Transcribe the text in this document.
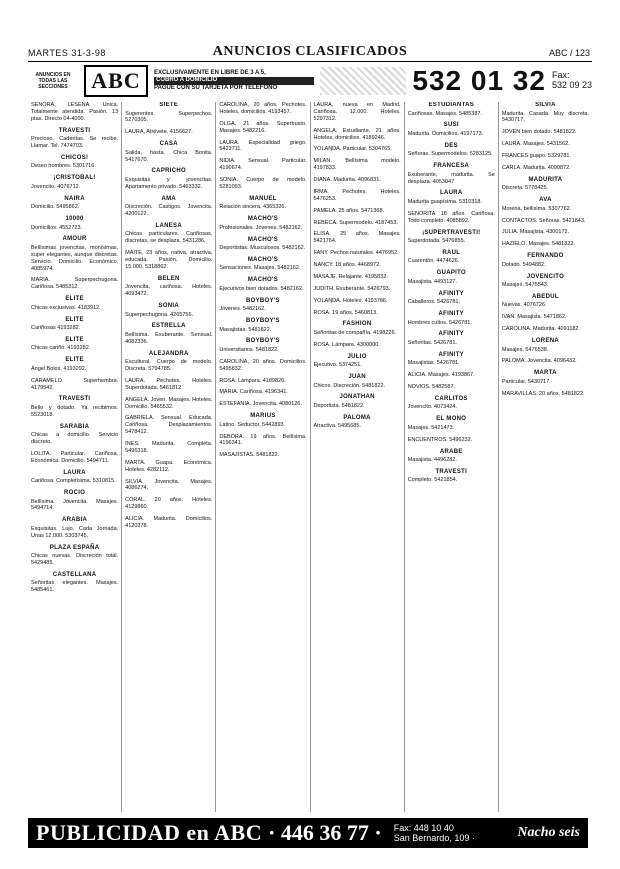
MARTES 31-3-98	ANUNCIOS CLASIFICADOS	ABC / 123
ANUNCIOS EN TODAS LAS SECCIONES	ABC	EXCLUSIVAMENTE EN LIBRE DE 3 A 5,
COBRO A DOMICILIO
PAGUE CON SU TARJETA POR TELEFONO	532 01 32 Fax:
532 09 23
SENORA, LESENA. Unica. Totalmente atendida. Pasión. 13 ptas. Directo 04-4000.
TRAVESTI
Precioso. Caderitas. Se recibe. Llamar. Tel. 7474703.
CHICOS!
Deseo hombres. 5301716.
¡CRISTOBAL!
Jovencito. 4076712.
NAIRA
Domicilio. 5495862.
10000
Domicilios. 4552723.
AMOUR
Bellísimas jovencitas, monísimas, super elegantes, aunque discretas. Servicio. Domicilio. Económico. 4085974.
MARIA. Superpechugona. Cariñosa. 5485312.
ELITE
Chicas exclusivas. 4183912.
ELITE
Cariñosas 4193282.
ELITE
Chicas cariño. 4193282.
ELITE
Ángel Bolos. 4193292.
CARAMELO. Superhembra. 4179542.
TRAVESTI
Bello y dotado. Ya recibimos. 5523018.
SARABIA
Chicas a domicilio. Servicio discreto.
LOLITA. Particular. Cariñosa. Económica. Domicilio. 5494711.
LAURA
Cariñosa. Completísima. 5310815.
ROCIO
Bellísima. Jovencita. Masajes. 5494714.
ARABIA
Exquisitas. Lujo. Cada Jornada. Unas 12.000. 5303745.
PLAZA ESPAÑA
Chicas nuevas. Discreción total. 5429485.
CASTELLANA
Señoritas elegantes. Masajes. 5485461.
SIETE
Sugerentes. Superpechos. 5270305.
LAURA, Atrévete. 4156627.
CASA
Salida, hasta. Chica Bonita. 5417670.
CAPRICHO
Exquisitas y jovencitas. Apartamento privado. 5463332.
AMA
Discreción. Castigos. Jovencita. 4200122.
LANESA
Chicas particulares. Cariñosas, discretas, se desplaza. 5431286.
MAITE, 23 años, nativa, atractiva, educada. Pasión. Domicilio. 15.000. 5318862.
BELEN
Jovencita, cariñosa. Hoteles. 4093472.
SONIA
Superpechugona. 4265756.
ESTRELLA
Bellísima. Exuberante. Sensual. 4082336.
ALEJANDRA
Escultural. Cuerpo de modelo. Discreta. 5794785.
LAURA. Pechotes. Hoteles. Superdotada. 5461812.
ANGELA. Joven. Masajes. Hoteles. Domicilio. 5465532.
GABRIELA. Sensual. Educada. Cariñosa. Desplazamientos. 5478412.
INES. Madurita. Completa. 5496318.
MARTA. Guapa. Económica. Hoteles. 4282112.
SILVIA. Jovencita. Masajes. 4086274.
CORAL. 20 años. Hoteles. 4129860.
ALICIA. Madurita. Domicilios. 4120378.
CAROLINA, 20 años. Pechotes. Hoteles, domicilios. 4193457.
OLGA, 21 años. Superbusto. Masajes. 5482216.
LAURA. Especialidad griego. 5423711.
NIDIA. Sensual. Particular. 4190674.
SONIA. Cuerpo de modelo. 5281093.
MANUEL
Relación sincera. 4365326.
MACHO'S
Profesionales. Jóvenes. 5482162.
MACHO'S
Deportistas. Musculosos. 5482162.
MACHO'S
Sensaciones. Masajes. 5482162.
MACHO'S
Ejecutivos bien dotados. 5482162.
BOYBOY'S
Jóvenes. 5482162.
BOYBOY'S
Masajistas. 5481822.
BOYBOY'S
Universitarios. 5481822.
CAROLINA, 20 años. Domicilios. 5495832.
ROSA. Lámpara. 4189826.
MARIA. Cariñosa. 4196341.
ESTEFANIA. Jovencita. 4080126.
MARIUS
Latino. Seductor. 5442893.
DEBORA. 19 años. Bellísima. 4196341.
MASAJISTAS. 5481822.
LAURA, nueva en Madrid. Cariñosa. 12.000. Hoteles. 5297312.
ANGELA. Estudiante, 21 años. Hoteles, domicilios. 4189246.
YOLANDA. Particular. 5304765.
MILAN. Bellísima modelo. 4197833.
DIANA. Madurita. 4096831.
IRMA. Pechotes. Hoteles. 5476253.
PAMELA. 25 años. 5471368.
REBECA. Supermodelo. 4187453.
ELISA. 25 años. Masajes. 5421764.
FANY. Pechos naturales. 4476952.
NANCY. 18 años. 4468972.
MASAJE. Relajante. 4195832.
JUDITH. Exuberante. 5426793.
YOLANDA. Hoteles. 4193786.
ROSA. 19 años. 5460813.
FASHION
Señoritas de compañía. 4198226.
ROSA. Lámpara. 4300000.
JULIO
Ejecutivo. 5374251.
JUAN
Chicos. Discreción. 5481822.
JONATHAN
Deportista. 5481822.
PALOMA
Atractiva. 5495685.
ESTUDIANTAS
Cariñosas. Masajes. 5485387.
SUSI
Madurita. Domicilios. 4197173.
DES
Señoras. Supermodelos. 5283125.
FRANCESA
Exuberante, madurita. Se desplaza. 4053047.
LAURA
Madurita guapísima. 5310318.
SENORITA 18 años. Cariñosa. Todo completo. 4085892.
¡SUPERTRAVESTI!
Superdotada. 5476855.
RAUL
Cuarentón. 4474626.
GUAPITO
Masajista. 4493127.
AFINITY
Caballeros. 5426781.
AFINITY
Hombres cultos. 5426781.
AFINITY
Señoritas. 5426781.
AFINITY
Masajistas. 5426781.
ALICIA. Masajes. 4193867.
NOVIOS. 5482587.
CARLITOS
Jovencito. 4073424.
EL MONO
Masajes. 5421473.
ENCUENTROS. 5496232.
ARABE
Masajista. 4496282.
TRAVESTI
Completo. 5421854.
SILVIA
Madurita. Casada. Muy discreta. 5430717.
JOVEN bien dotado. 5481822.
LAURA. Masajes. 5431562.
FRANCES guapo. 5329781.
CARLA. Madurita. 4090872.
MADURITA
Discreta. 5778425.
AVA
Morena, bellísima. 5307762.
CONTACTOS. Señoras. 5421843.
JULIA. Masajista. 4300172.
HAZIELO. Masajes. 5481822.
FERNANDO
Dotado. 5494882.
JOVENCITO
Masajes. 5475543.
ABEDUL
Nuevas. 4076726.
IVAN. Masajista. 5471862.
CAROLINA. Madurita. 4091182.
LORENA
Masajes. 5476538.
PALOMA. Jovencita. 4096432.
MARTA
Particular. 5430717.
MARAVILLAS. 20 años. 5481822.
PUBLICIDAD en ABC · 446 36 77 · Fax: 448 10 40
San Bernardo, 109 ·	Nacho seis
